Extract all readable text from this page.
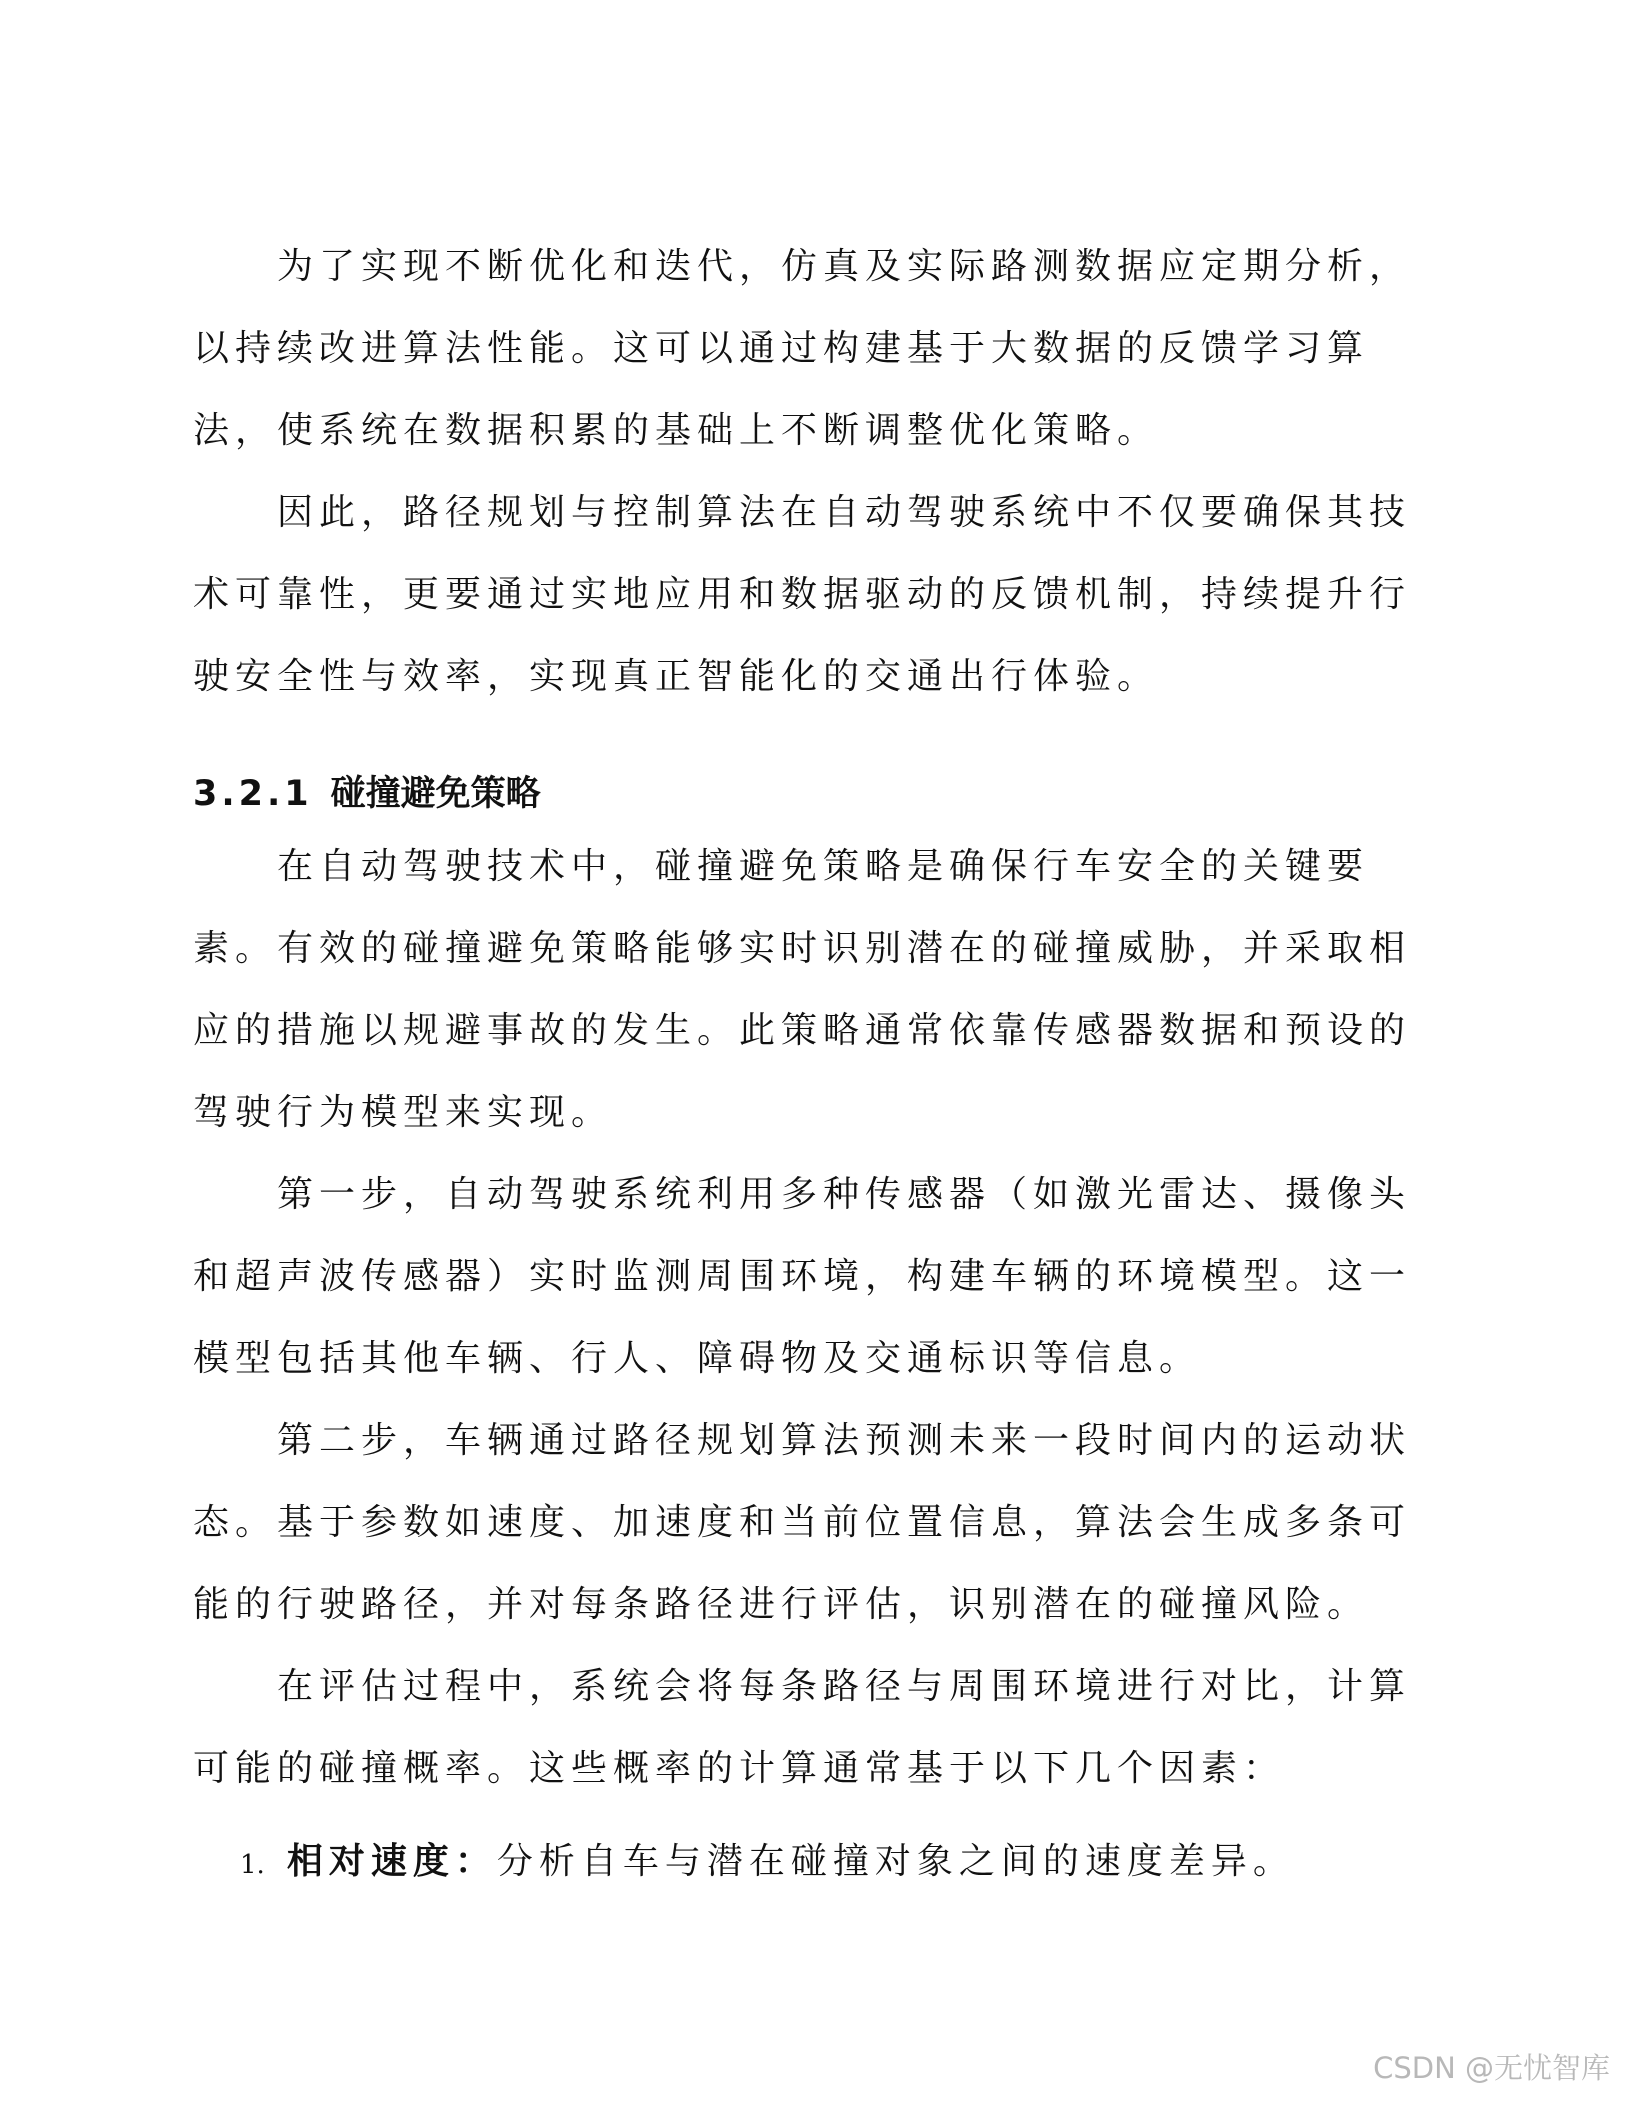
为了实现不断优化和迭代，仿真及实际路测数据应定期分析，
以持续改进算法性能。这可以通过构建基于大数据的反馈学习算
法，使系统在数据积累的基础上不断调整优化策略。
因此，路径规划与控制算法在自动驾驶系统中不仅要确保其技
术可靠性，更要通过实地应用和数据驱动的反馈机制，持续提升行
驶安全性与效率，实现真正智能化的交通出行体验。
在自动驾驶技术中，碰撞避免策略是确保行车安全的关键要
素。有效的碰撞避免策略能够实时识别潜在的碰撞威胁，并采取相
应的措施以规避事故的发生。此策略通常依靠传感器数据和预设的
驾驶行为模型来实现。
第一步，自动驾驶系统利用多种传感器（如激光雷达、摄像头
和超声波传感器）实时监测周围环境，构建车辆的环境模型。这一
模型包括其他车辆、行人、障碍物及交通标识等信息。
第二步，车辆通过路径规划算法预测未来一段时间内的运动状
态。基于参数如速度、加速度和当前位置信息，算法会生成多条可
能的行驶路径，并对每条路径进行评估，识别潜在的碰撞风险。
在评估过程中，系统会将每条路径与周围环境进行对比，计算
可能的碰撞概率。这些概率的计算通常基于以下几个因素：
3.2.1 碰撞避免策略
1. 相对速度：分析自车与潜在碰撞对象之间的速度差异。
CSDN @无忧智库
